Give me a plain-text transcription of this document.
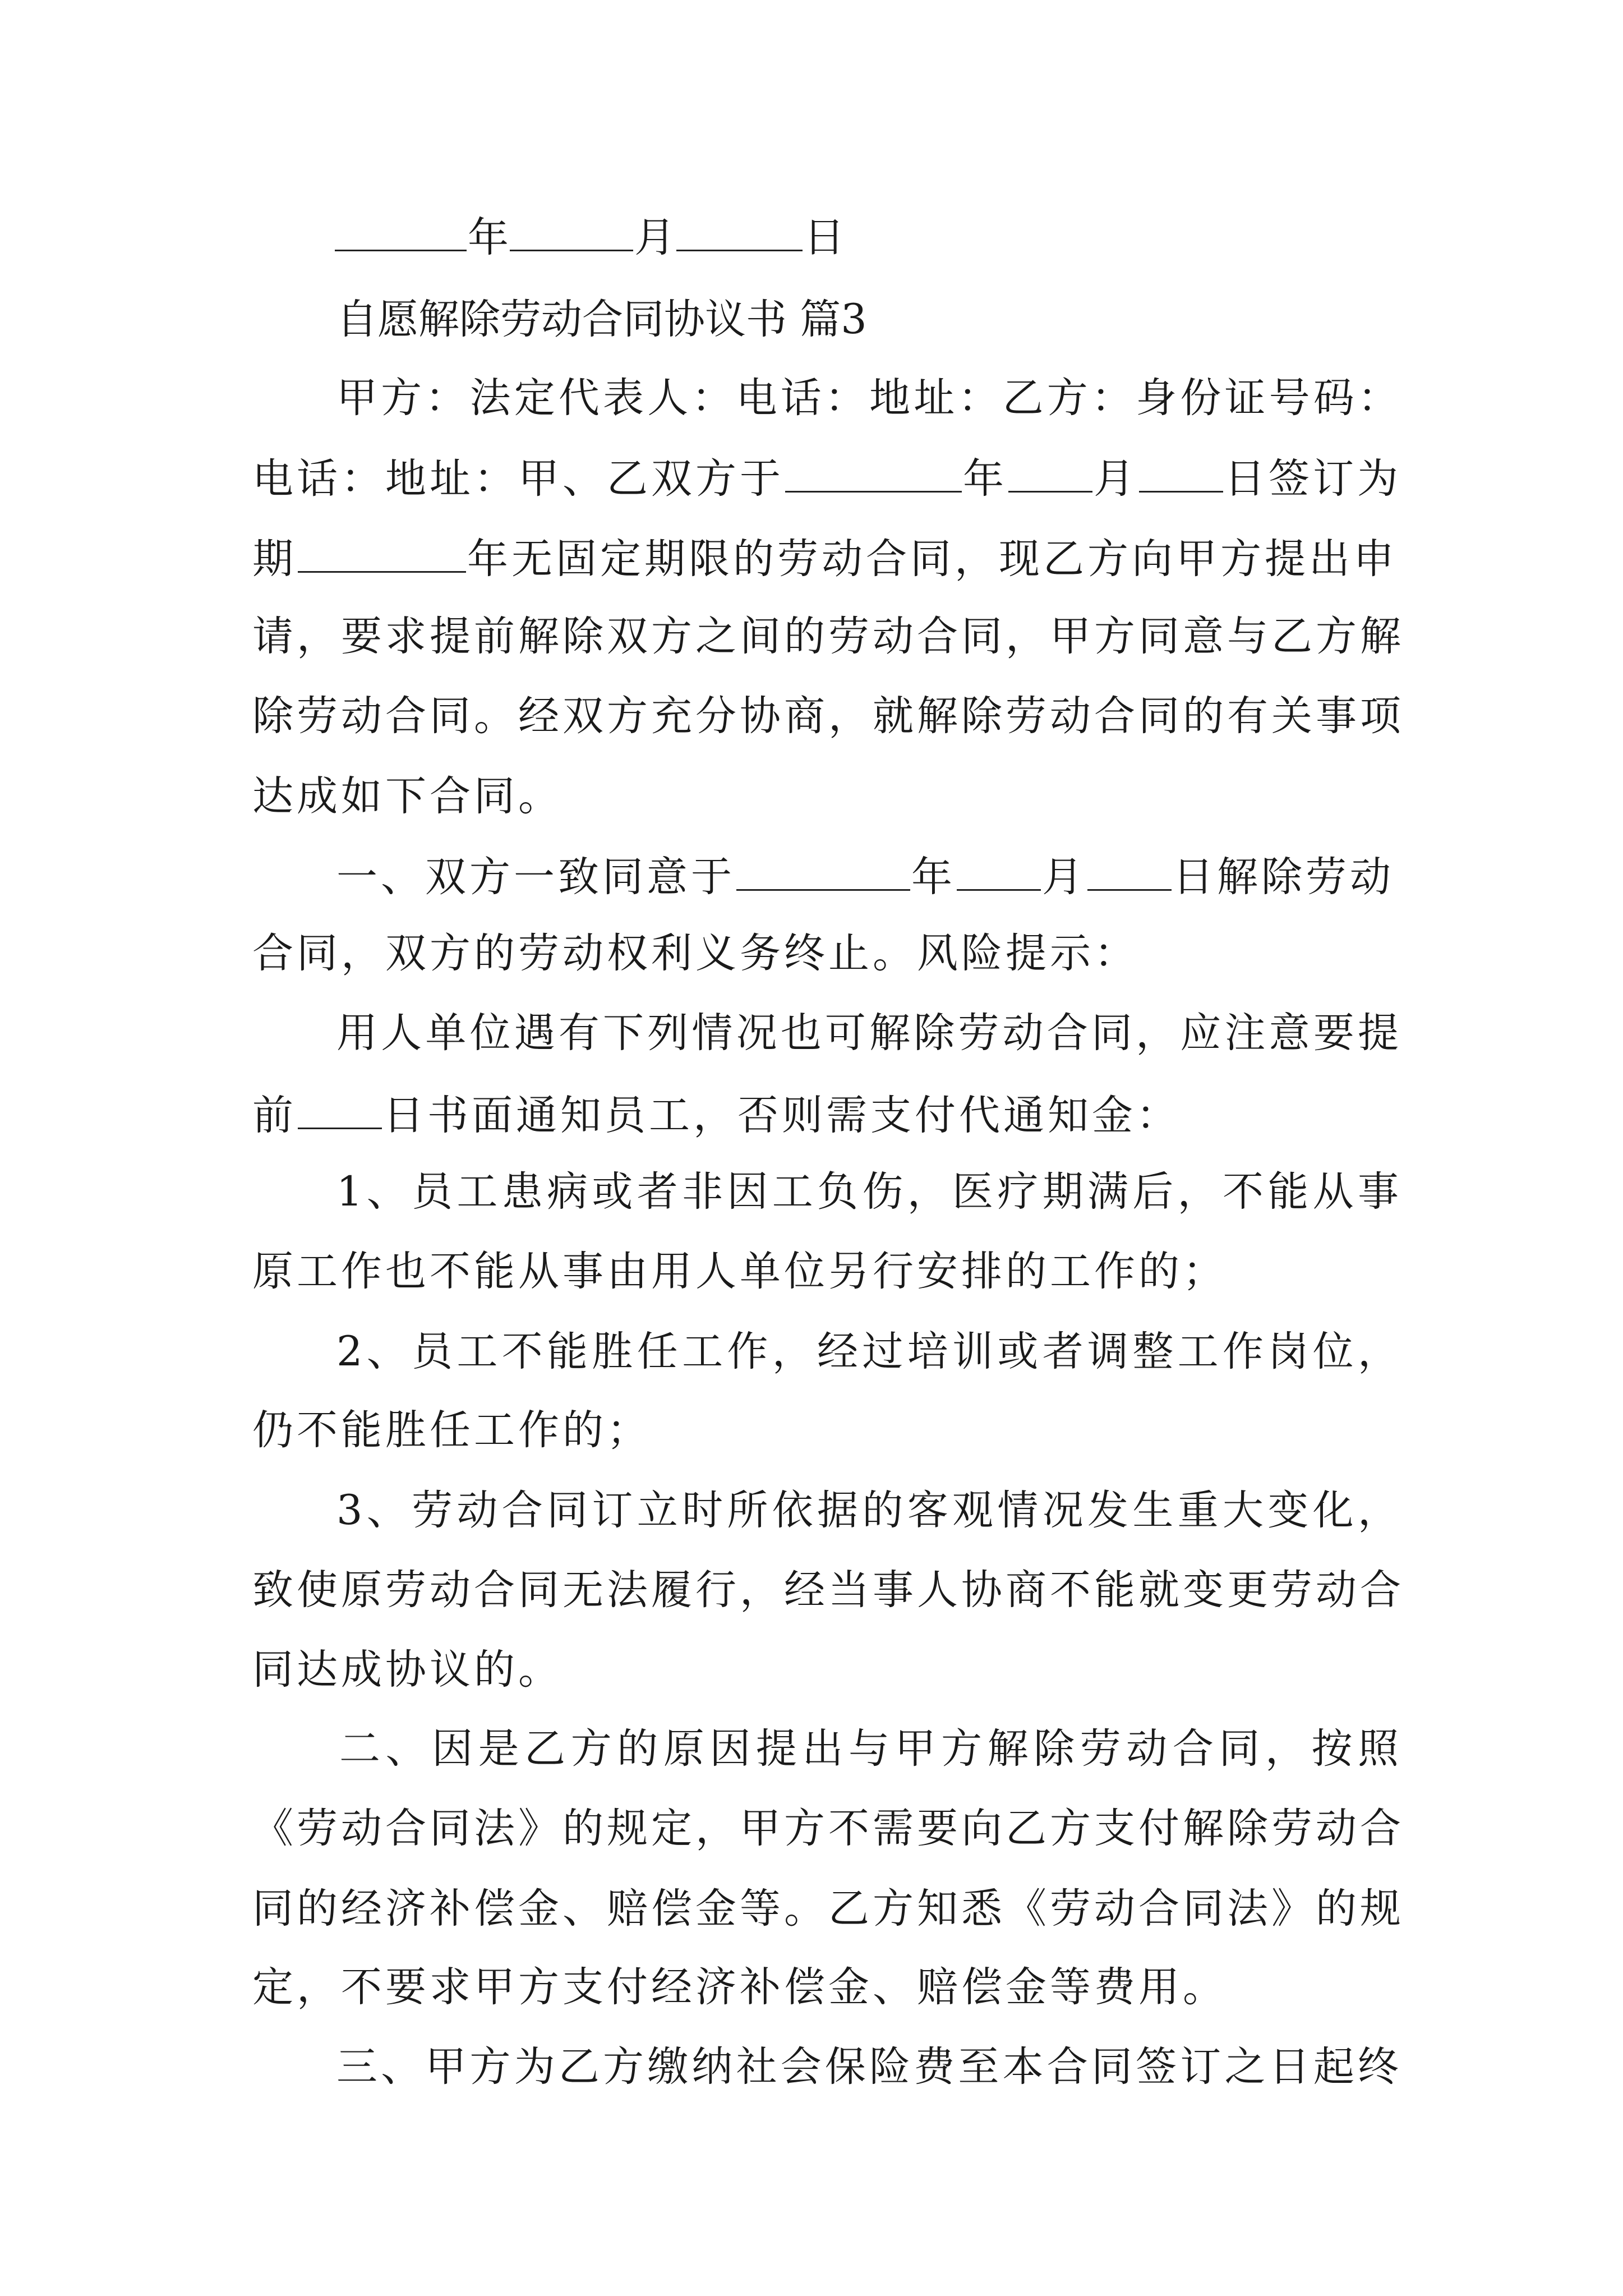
年	月	日
自愿解除劳动合同协议书 篇3
甲方：法定代表人：电话：地址：乙方：身份证号码：
电话：地址：甲、乙双方于	年 月 日签订为
期	年无固定期限的劳动合同，现乙方向甲方提出申
请，要求提前解除双方之间的劳动合同，甲方同意与乙方解
除劳动合同。经双方充分协商，就解除劳动合同的有关事项
达成如下合同。
一、双方一致同意于	年 月 日解除劳动
合同，双方的劳动权利义务终止。风险提示：
用人单位遇有下列情况也可解除劳动合同，应注意要提
前 日书面通知员工，否则需支付代通知金：
1、员工患病或者非因工负伤，医疗期满后，不能从事
原工作也不能从事由用人单位另行安排的工作的；
2、员工不能胜任工作，经过培训或者调整工作岗位，
仍不能胜任工作的；
3、劳动合同订立时所依据的客观情况发生重大变化，
致使原劳动合同无法履行，经当事人协商不能就变更劳动合
同达成协议的。
二、因是乙方的原因提出与甲方解除劳动合同，按照
《劳动合同法》的规定，甲方不需要向乙方支付解除劳动合
同的经济补偿金、赔偿金等。乙方知悉《劳动合同法》的规
定，不要求甲方支付经济补偿金、赔偿金等费用。
三、甲方为乙方缴纳社会保险费至本合同签订之日起终
